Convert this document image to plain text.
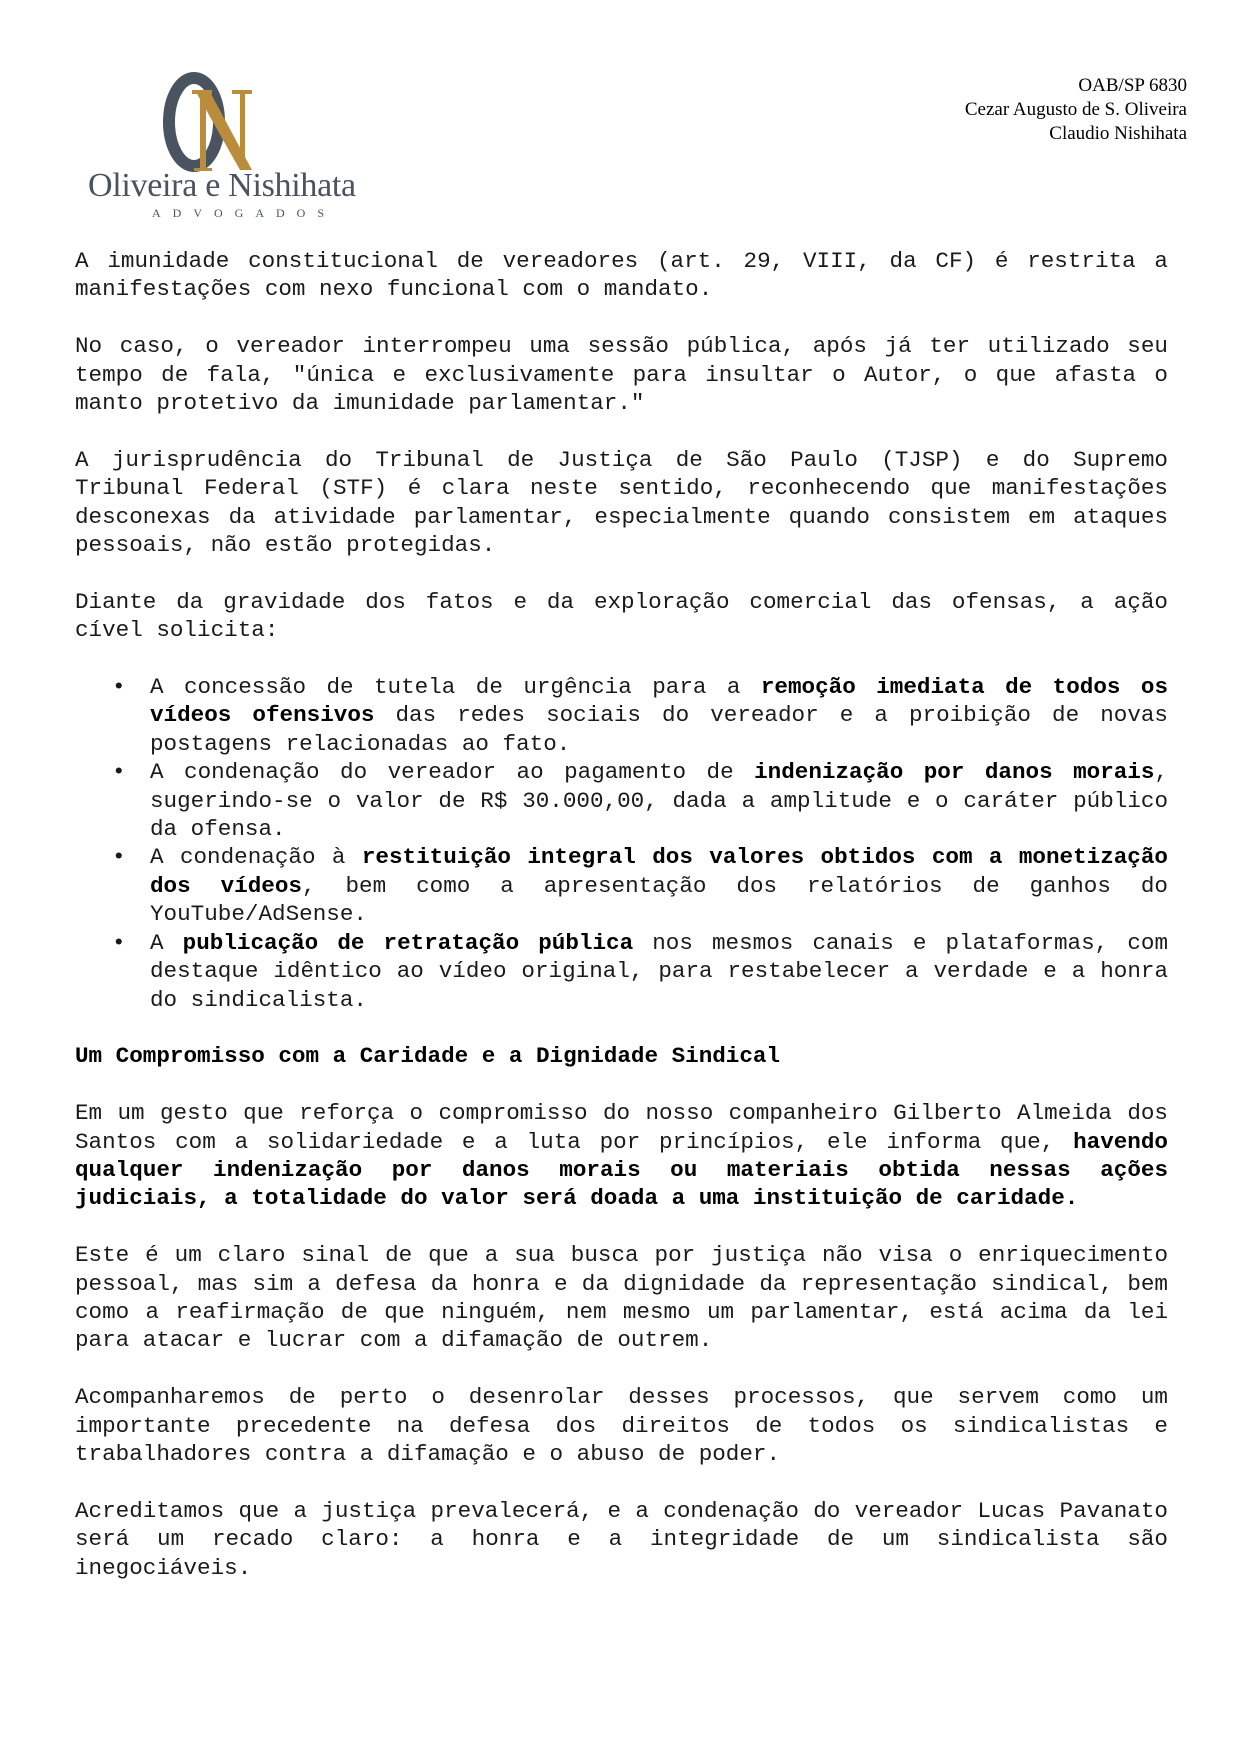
Oliveira e Nishihata
ADVOGADOS
OAB/SP 6830
Cezar Augusto de S. Oliveira
Claudio Nishihata

A imunidade constitucional de vereadores (art. 29, VIII, da CF) é restrita a manifestações com nexo funcional com o mandato.

No caso, o vereador interrompeu uma sessão pública, após já ter utilizado seu tempo de fala, "única e exclusivamente para insultar o Autor, o que afasta o manto protetivo da imunidade parlamentar."

A jurisprudência do Tribunal de Justiça de São Paulo (TJSP) e do Supremo Tribunal Federal (STF) é clara neste sentido, reconhecendo que manifestações desconexas da atividade parlamentar, especialmente quando consistem em ataques pessoais, não estão protegidas.

Diante da gravidade dos fatos e da exploração comercial das ofensas, a ação cível solicita:

• A concessão de tutela de urgência para a remoção imediata de todos os vídeos ofensivos das redes sociais do vereador e a proibição de novas postagens relacionadas ao fato.
• A condenação do vereador ao pagamento de indenização por danos morais, sugerindo-se o valor de R$ 30.000,00, dada a amplitude e o caráter público da ofensa.
• A condenação à restituição integral dos valores obtidos com a monetização dos vídeos, bem como a apresentação dos relatórios de ganhos do YouTube/AdSense.
• A publicação de retratação pública nos mesmos canais e plataformas, com destaque idêntico ao vídeo original, para restabelecer a verdade e a honra do sindicalista.
Um Compromisso com a Caridade e a Dignidade Sindical

Em um gesto que reforça o compromisso do nosso companheiro Gilberto Almeida dos Santos com a solidariedade e a luta por princípios, ele informa que, havendo qualquer indenização por danos morais ou materiais obtida nessas ações judiciais, a totalidade do valor será doada a uma instituição de caridade.

Este é um claro sinal de que a sua busca por justiça não visa o enriquecimento pessoal, mas sim a defesa da honra e da dignidade da representação sindical, bem como a reafirmação de que ninguém, nem mesmo um parlamentar, está acima da lei para atacar e lucrar com a difamação de outrem.

Acompanharemos de perto o desenrolar desses processos, que servem como um importante precedente na defesa dos direitos de todos os sindicalistas e trabalhadores contra a difamação e o abuso de poder.

Acreditamos que a justiça prevalecerá, e a condenação do vereador Lucas Pavanato será um recado claro: a honra e a integridade de um sindicalista são inegociáveis.
